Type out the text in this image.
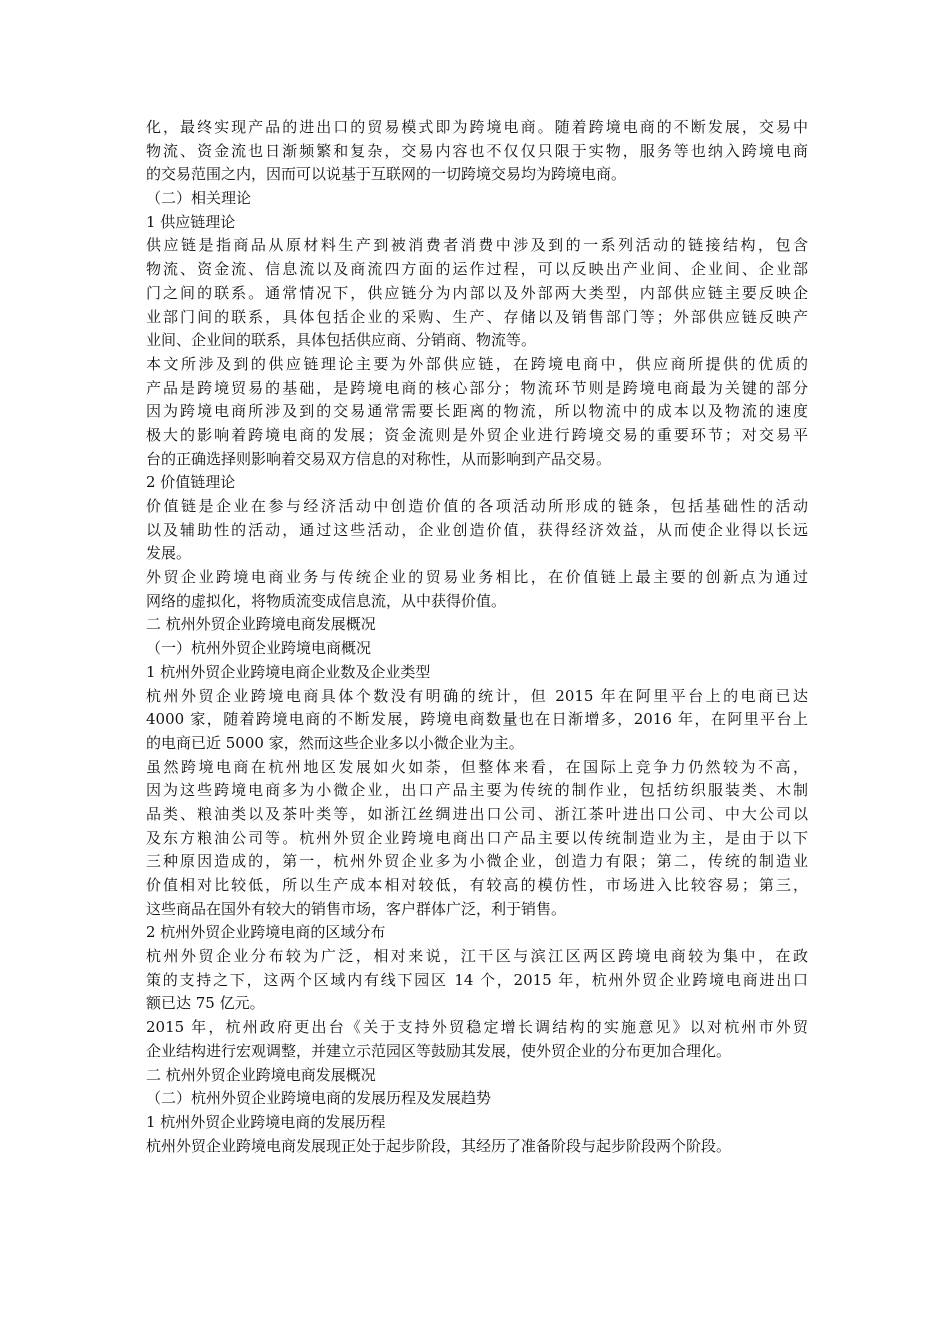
化，最终实现产品的进出口的贸易模式即为跨境电商。随着跨境电商的不断发展，交易中
物流、资金流也日渐频繁和复杂，交易内容也不仅仅只限于实物，服务等也纳入跨境电商
的交易范围之内，因而可以说基于互联网的一切跨境交易均为跨境电商。
（二）相关理论
1 供应链理论
供应链是指商品从原材料生产到被消费者消费中涉及到的一系列活动的链接结构，包含
物流、资金流、信息流以及商流四方面的运作过程，可以反映出产业间、企业间、企业部
门之间的联系。通常情况下，供应链分为内部以及外部两大类型，内部供应链主要反映企
业部门间的联系，具体包括企业的采购、生产、存储以及销售部门等；外部供应链反映产
业间、企业间的联系，具体包括供应商、分销商、物流等。
本文所涉及到的供应链理论主要为外部供应链，在跨境电商中，供应商所提供的优质的
产品是跨境贸易的基础，是跨境电商的核心部分；物流环节则是跨境电商最为关键的部分
因为跨境电商所涉及到的交易通常需要长距离的物流，所以物流中的成本以及物流的速度
极大的影响着跨境电商的发展；资金流则是外贸企业进行跨境交易的重要环节；对交易平
台的正确选择则影响着交易双方信息的对称性，从而影响到产品交易。
2 价值链理论
价值链是企业在参与经济活动中创造价值的各项活动所形成的链条，包括基础性的活动
以及辅助性的活动，通过这些活动，企业创造价值，获得经济效益，从而使企业得以长远
发展。
外贸企业跨境电商业务与传统企业的贸易业务相比，在价值链上最主要的创新点为通过
网络的虚拟化，将物质流变成信息流，从中获得价值。
二 杭州外贸企业跨境电商发展概况
（一）杭州外贸企业跨境电商概况
1 杭州外贸企业跨境电商企业数及企业类型
杭州外贸企业跨境电商具体个数没有明确的统计，但 2015 年在阿里平台上的电商已达
4000 家，随着跨境电商的不断发展，跨境电商数量也在日渐增多，2016 年，在阿里平台上
的电商已近 5000 家，然而这些企业多以小微企业为主。
虽然跨境电商在杭州地区发展如火如荼，但整体来看，在国际上竞争力仍然较为不高，
因为这些跨境电商多为小微企业，出口产品主要为传统的制作业，包括纺织服装类、木制
品类、粮油类以及茶叶类等，如浙江丝绸进出口公司、浙江茶叶进出口公司、中大公司以
及东方粮油公司等。杭州外贸企业跨境电商出口产品主要以传统制造业为主，是由于以下
三种原因造成的，第一，杭州外贸企业多为小微企业，创造力有限；第二，传统的制造业
价值相对比较低，所以生产成本相对较低，有较高的模仿性，市场进入比较容易；第三，
这些商品在国外有较大的销售市场，客户群体广泛，利于销售。
2 杭州外贸企业跨境电商的区域分布
杭州外贸企业分布较为广泛，相对来说，江干区与滨江区两区跨境电商较为集中，在政
策的支持之下，这两个区域内有线下园区 14 个，2015 年，杭州外贸企业跨境电商进出口
额已达 75 亿元。
2015 年，杭州政府更出台《关于支持外贸稳定增长调结构的实施意见》以对杭州市外贸
企业结构进行宏观调整，并建立示范园区等鼓励其发展，使外贸企业的分布更加合理化。
二 杭州外贸企业跨境电商发展概况
（二）杭州外贸企业跨境电商的发展历程及发展趋势
1 杭州外贸企业跨境电商的发展历程
杭州外贸企业跨境电商发展现正处于起步阶段，其经历了准备阶段与起步阶段两个阶段。
